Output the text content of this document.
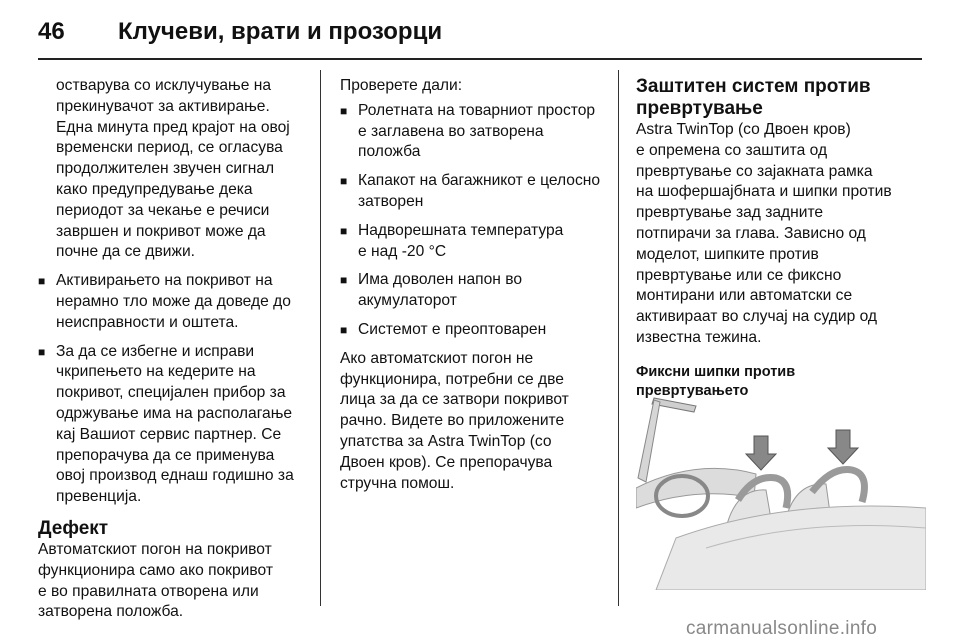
46 Клучеви, врати и прозорци

оствaрува со исклучување на
прекинувачот за активирање.
Една минута пред крајот на овој
временски период, се огласува
продолжителен звучен сигнал
како предупредување дека
периодот за чекање е речиси
завршен и покривот може да
почне да се движи.

■ Активирањето на покривот на
нерамно тло може да доведе до
неисправности и оштета.
■ За да се избегне и исправи
чкрипењето на кедерите на
покривот, специјален прибор за
одржување има на располагање
кај Вашиот сервис партнер. Се
препорачува да се применува
овој производ еднаш годишно за
превенција.
Дефект

Автоматскиот погон на покривот
функционира само ако покривот
е во правилната отворена или
затворена положба.

Проверете дали:

■ Ролетната на товарниот простор
е заглавена во затворена
положба
■ Капакот на багажникот е целосно
затворен
■ Надворешната температура
е над -20 °C
■ Има доволен напон во
акумулаторот
■ Системот е преоптоварен

Ако автоматскиот погон не
функционира, потребни се две
лица за да се затвори покривот
рачно. Видете во приложените
упатства за Astra TwinTop (со
Двоен кров). Се препорачува
стручна помош.

Заштитен систем против
превртување

Astra TwinTop (со Двоен кров)
е опремена со заштита од
превртување со зајакната рамка
на шофершајбната и шипки против
превртување зад задните
потпирачи за глава. Зависно од
моделот, шипките против
превртување или се фиксно
монтирани или автоматски се
активираат во случај на судир од
известна тежина.

Фиксни шипки против
превртувањето
carmanualsonline.info
